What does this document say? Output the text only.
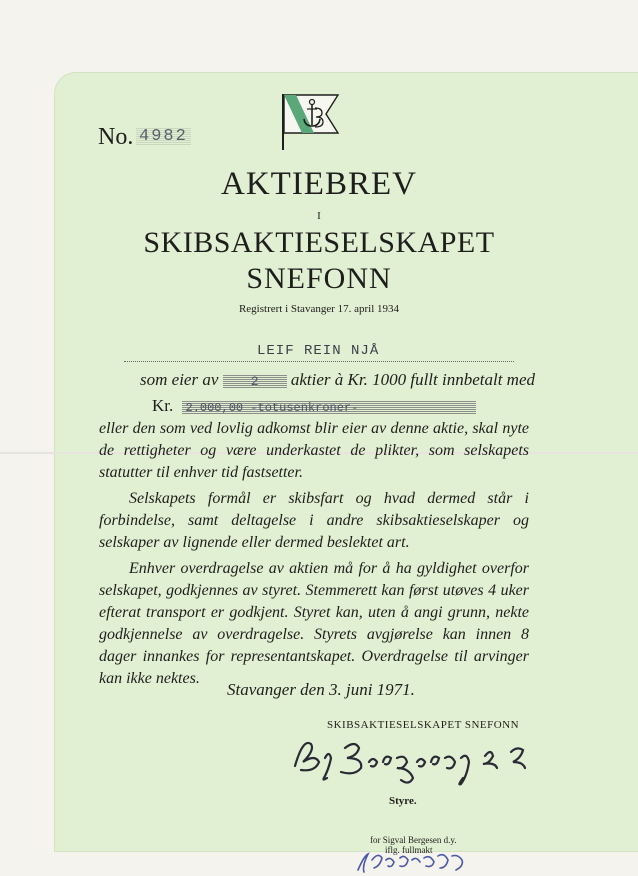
No. 4982
AKTIEBREV
I
SKIBSAKTIESELSKAPET
SNEFONN
Registrert i Stavanger 17. april 1934
LEIF REIN NJÅ
som eier av 2 aktier à Kr. 1000 fullt innbetalt med
Kr. 2.000,00 -totusenkroner-

eller den som ved lovlig adkomst blir eier av denne aktie, skal nyte de rettigheter og være underkastet de plikter, som selskapets statutter til enhver tid fastsetter.

Selskapets formål er skibsfart og hvad dermed står i forbindelse, samt deltagelse i andre skibsaktieselskaper og selskaper av lignende eller dermed beslektet art.

Enhver overdragelse av aktien må for å ha gyldighet overfor selskapet, godkjennes av styret. Stemmerett kan først utøves 4 uker efterat transport er godkjent. Styret kan, uten å angi grunn, nekte godkjennelse av overdragelse. Styrets avgjørelse kan innen 8 dager innankes for representantskapet. Overdragelse til arvinger kan ikke nektes.

Stavanger den 3. juni 1971.
SKIBSAKTIESELSKAPET SNEFONN
Styre.
for Sigval Bergesen d.y.
iflg. fullmakt
